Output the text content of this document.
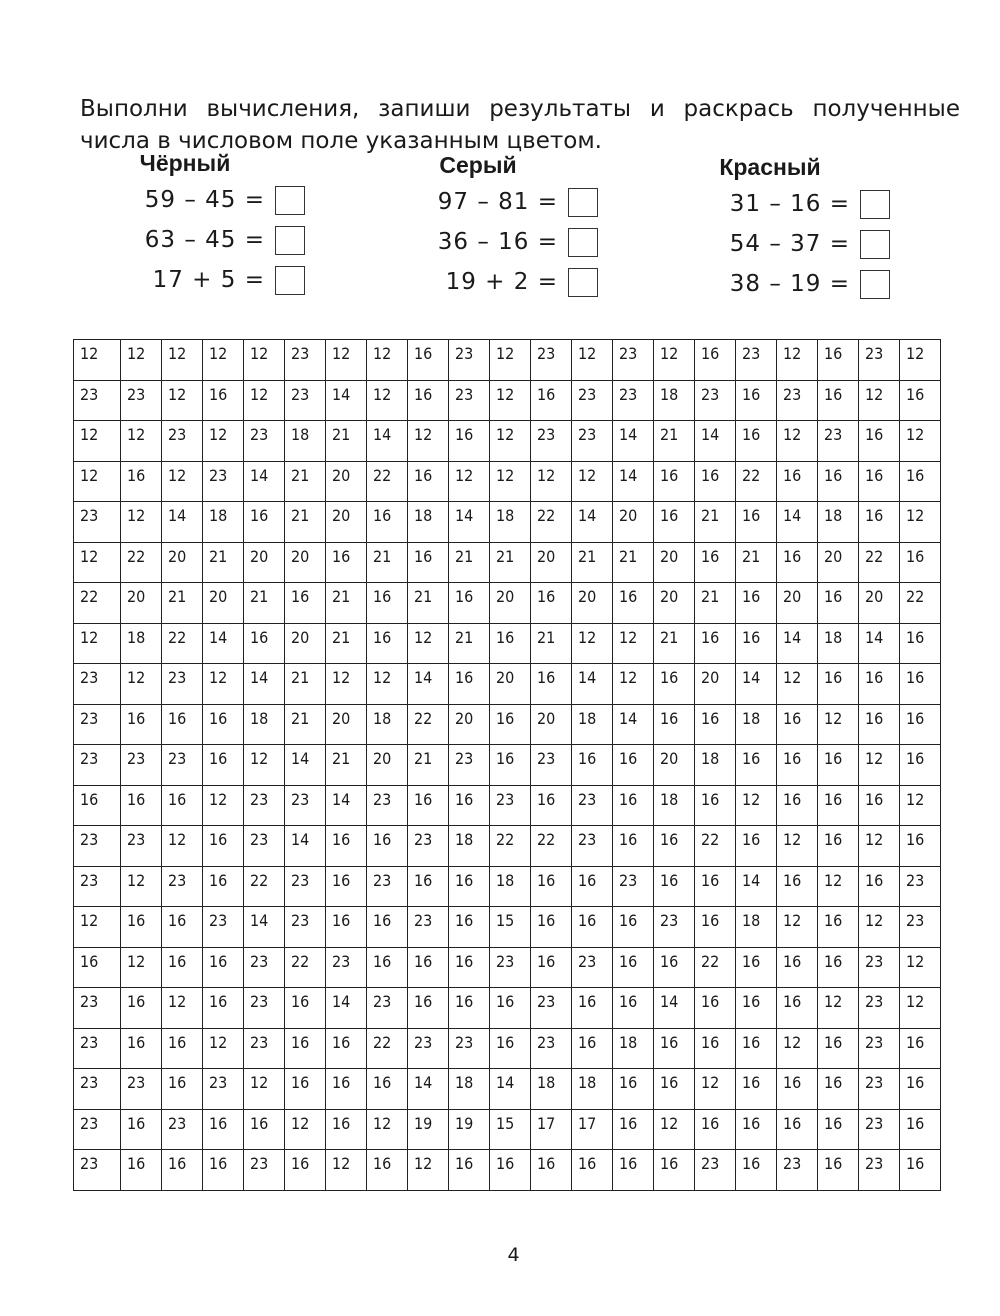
Выполни вычисления, запиши результаты и раскрась полученные числа в числовом поле указанным цветом.

Чёрный
59 – 45 =
63 – 45 =
17 + 5 =
Серый
97 – 81 =
36 – 16 =
19 + 2 =
Красный
31 – 16 =
54 – 37 =
38 – 19 =
12	12	12	12	12	23	12	12	16	23	12	23	12	23	12	16	23	12	16	23	12
23	23	12	16	12	23	14	12	16	23	12	16	23	23	18	23	16	23	16	12	16
12	12	23	12	23	18	21	14	12	16	12	23	23	14	21	14	16	12	23	16	12
12	16	12	23	14	21	20	22	16	12	12	12	12	14	16	16	22	16	16	16	16
23	12	14	18	16	21	20	16	18	14	18	22	14	20	16	21	16	14	18	16	12
12	22	20	21	20	20	16	21	16	21	21	20	21	21	20	16	21	16	20	22	16
22	20	21	20	21	16	21	16	21	16	20	16	20	16	20	21	16	20	16	20	22
12	18	22	14	16	20	21	16	12	21	16	21	12	12	21	16	16	14	18	14	16
23	12	23	12	14	21	12	12	14	16	20	16	14	12	16	20	14	12	16	16	16
23	16	16	16	18	21	20	18	22	20	16	20	18	14	16	16	18	16	12	16	16
23	23	23	16	12	14	21	20	21	23	16	23	16	16	20	18	16	16	16	12	16
16	16	16	12	23	23	14	23	16	16	23	16	23	16	18	16	12	16	16	16	12
23	23	12	16	23	14	16	16	23	18	22	22	23	16	16	22	16	12	16	12	16
23	12	23	16	22	23	16	23	16	16	18	16	16	23	16	16	14	16	12	16	23
12	16	16	23	14	23	16	16	23	16	15	16	16	16	23	16	18	12	16	12	23
16	12	16	16	23	22	23	16	16	16	23	16	23	16	16	22	16	16	16	23	12
23	16	12	16	23	16	14	23	16	16	16	23	16	16	14	16	16	16	12	23	12
23	16	16	12	23	16	16	22	23	23	16	23	16	18	16	16	16	12	16	23	16
23	23	16	23	12	16	16	16	14	18	14	18	18	16	16	12	16	16	16	23	16
23	16	23	16	16	12	16	12	19	19	15	17	17	16	12	16	16	16	16	23	16
23	16	16	16	23	16	12	16	12	16	16	16	16	16	16	23	16	23	16	23	16
4
